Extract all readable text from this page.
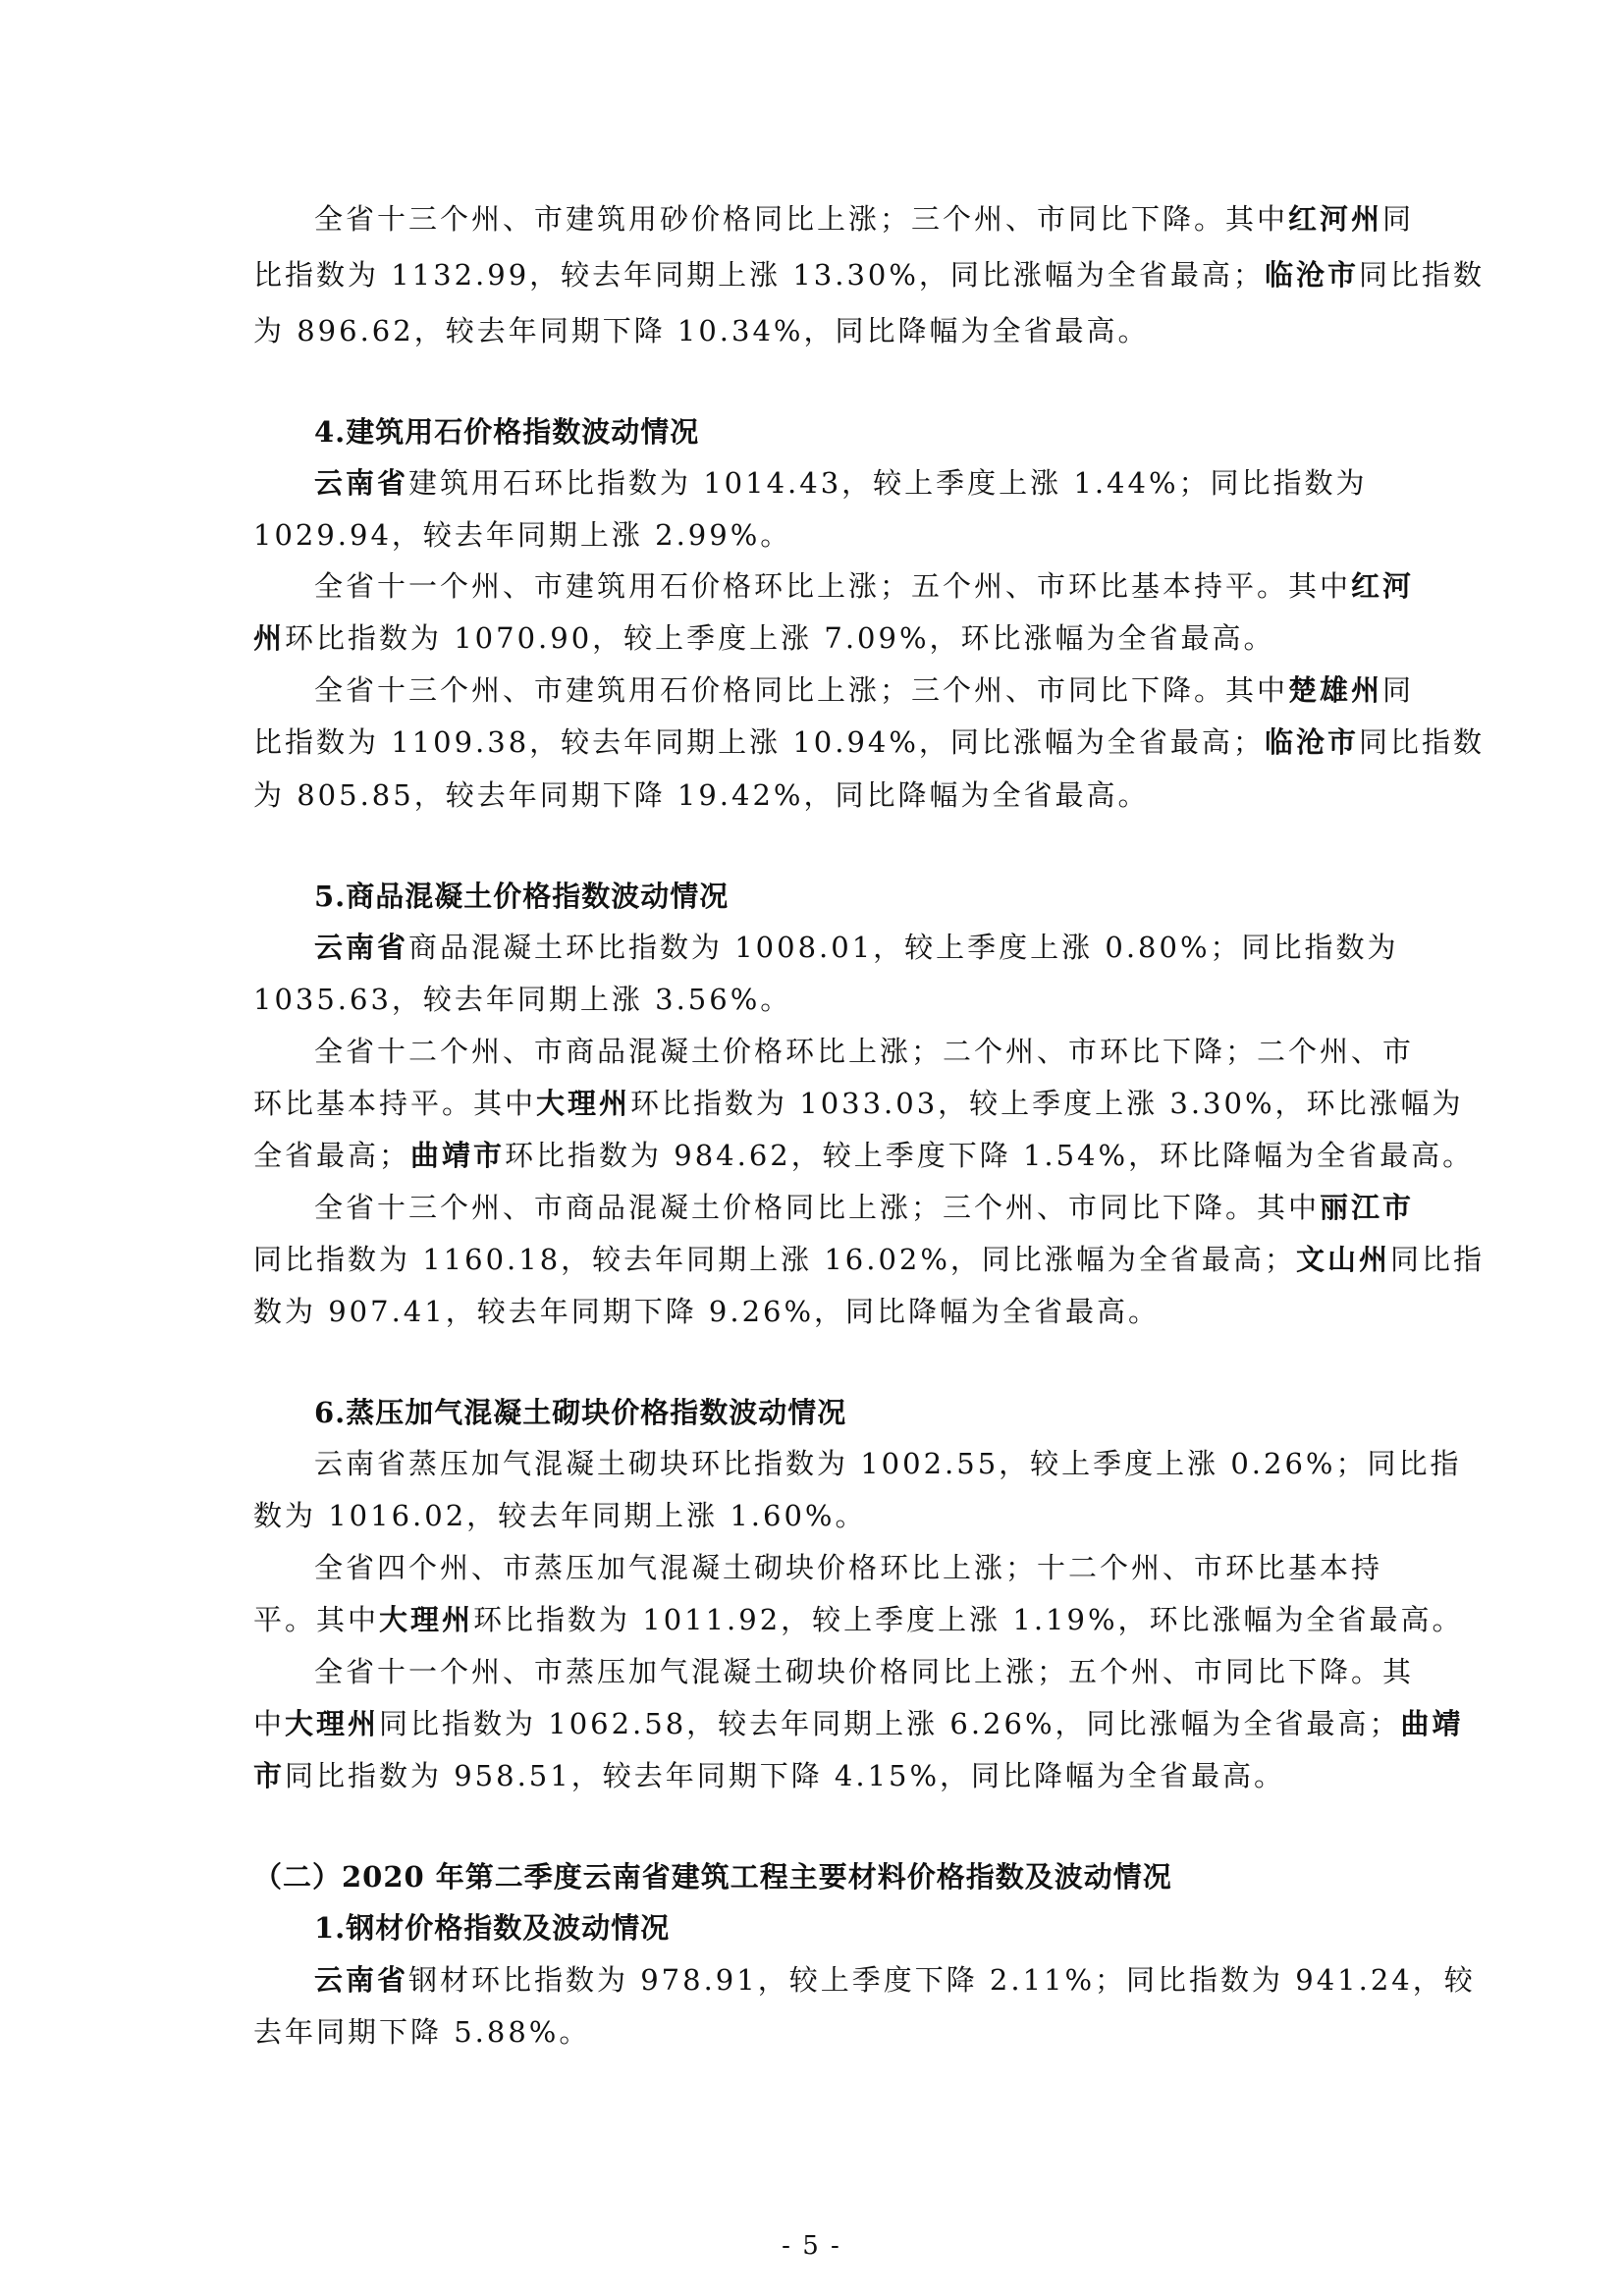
全省十三个州、市建筑用砂价格同比上涨；三个州、市同比下降。其中红河州同
比指数为 1132.99，较去年同期上涨 13.30%，同比涨幅为全省最高；临沧市同比指数
为 896.62，较去年同期下降 10.34%，同比降幅为全省最高。
4.建筑用石价格指数波动情况
云南省建筑用石环比指数为 1014.43，较上季度上涨 1.44%；同比指数为
1029.94，较去年同期上涨 2.99%。
全省十一个州、市建筑用石价格环比上涨；五个州、市环比基本持平。其中红河
州环比指数为 1070.90，较上季度上涨 7.09%，环比涨幅为全省最高。
全省十三个州、市建筑用石价格同比上涨；三个州、市同比下降。其中楚雄州同
比指数为 1109.38，较去年同期上涨 10.94%，同比涨幅为全省最高；临沧市同比指数
为 805.85，较去年同期下降 19.42%，同比降幅为全省最高。
5.商品混凝土价格指数波动情况
云南省商品混凝土环比指数为 1008.01，较上季度上涨 0.80%；同比指数为
1035.63，较去年同期上涨 3.56%。
全省十二个州、市商品混凝土价格环比上涨；二个州、市环比下降；二个州、市
环比基本持平。其中大理州环比指数为 1033.03，较上季度上涨 3.30%，环比涨幅为
全省最高；曲靖市环比指数为 984.62，较上季度下降 1.54%，环比降幅为全省最高。
全省十三个州、市商品混凝土价格同比上涨；三个州、市同比下降。其中丽江市
同比指数为 1160.18，较去年同期上涨 16.02%，同比涨幅为全省最高；文山州同比指
数为 907.41，较去年同期下降 9.26%，同比降幅为全省最高。
6.蒸压加气混凝土砌块价格指数波动情况
云南省蒸压加气混凝土砌块环比指数为 1002.55，较上季度上涨 0.26%；同比指
数为 1016.02，较去年同期上涨 1.60%。
全省四个州、市蒸压加气混凝土砌块价格环比上涨；十二个州、市环比基本持
平。其中大理州环比指数为 1011.92，较上季度上涨 1.19%，环比涨幅为全省最高。
全省十一个州、市蒸压加气混凝土砌块价格同比上涨；五个州、市同比下降。其
中大理州同比指数为 1062.58，较去年同期上涨 6.26%，同比涨幅为全省最高；曲靖
市同比指数为 958.51，较去年同期下降 4.15%，同比降幅为全省最高。
（二）2020 年第二季度云南省建筑工程主要材料价格指数及波动情况
1.钢材价格指数及波动情况
云南省钢材环比指数为 978.91，较上季度下降 2.11%；同比指数为 941.24，较
去年同期下降 5.88%。
- 5 -
